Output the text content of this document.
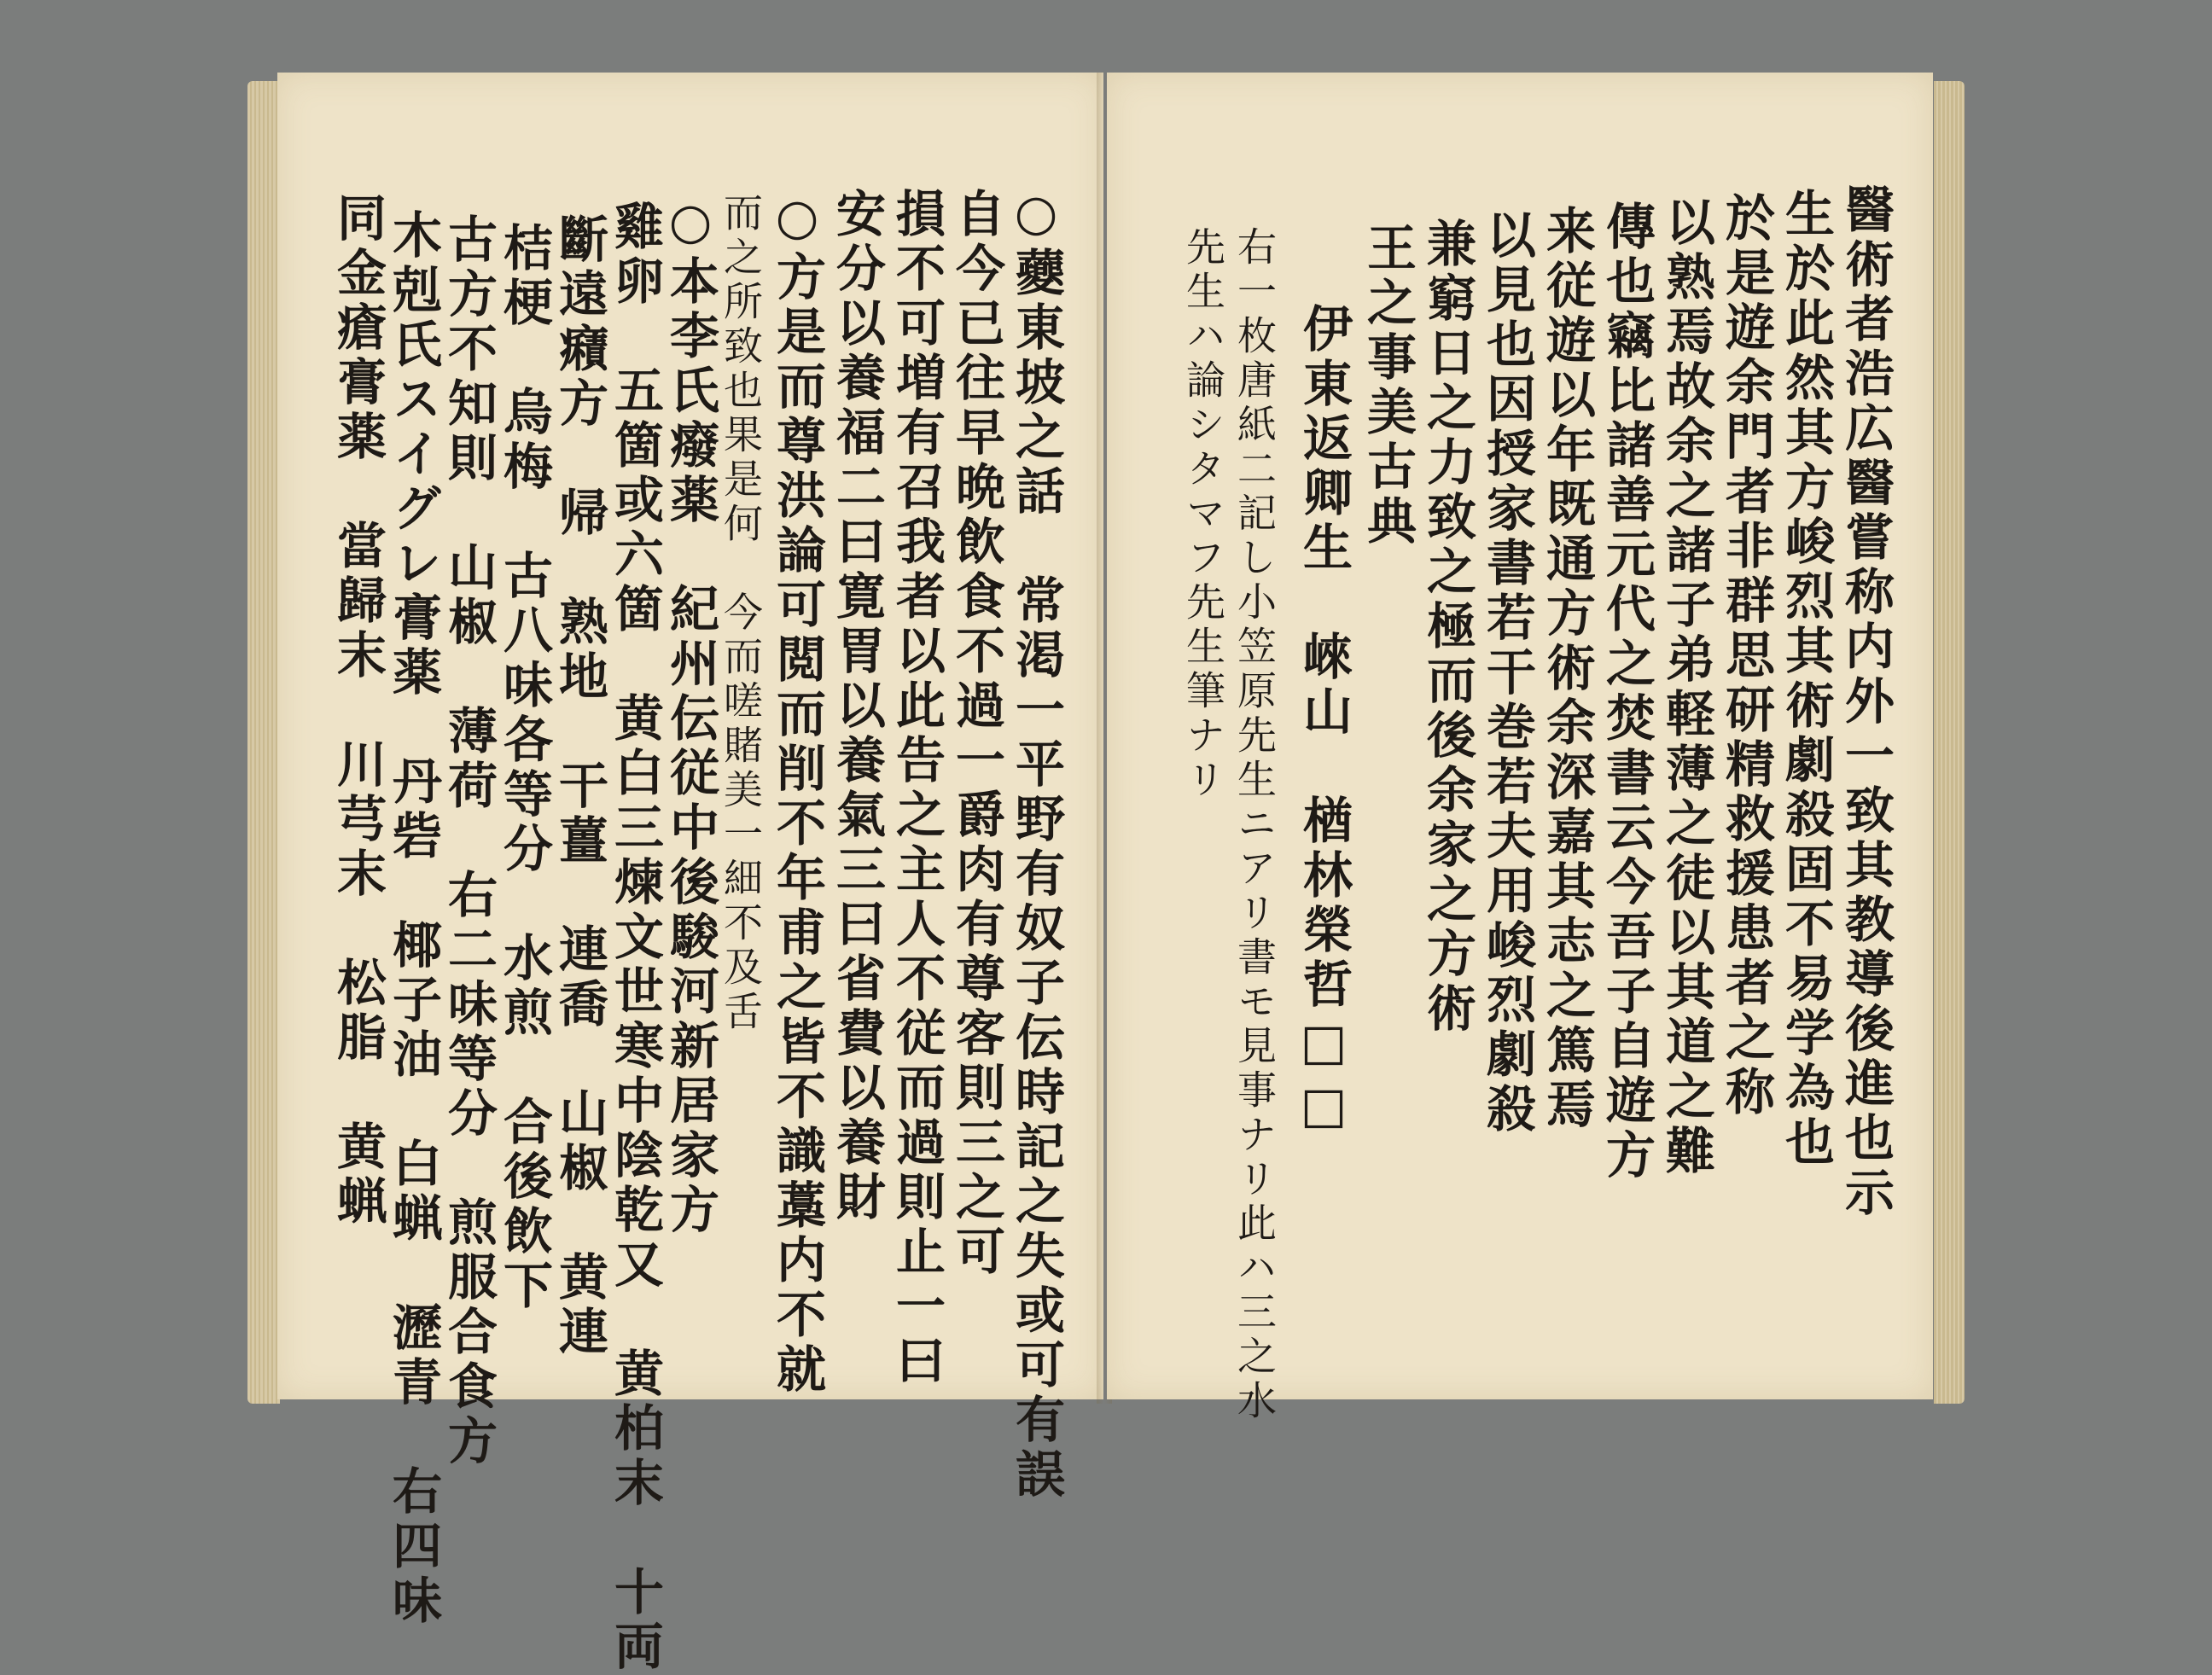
○蘷東坡之話　常渇一平野有奴子伝時記之失或可有誤
自今已往早晩飲食不過一爵肉有尊客則三之可
損不可増有召我者以此告之主人不従而過則止一曰
安分以養福二曰寛胃以養氣三曰省費以養財
○方是而尊洪論可閲而削不年甫之皆不識藁内不就
而之所致也果是何　今而嗟賭美一細不及舌
○本李氏癈薬　紀州伝従中後駿河新居家方
雞卵　五箇或六箇　黄白三煉文世寒中陰乾又　黄柏末　十両
斷遠癪方　帰　熟地　干薑　連喬　山椒　黄連
桔梗　烏梅　古八味各等分　水煎　合後飲下
古方不知則　山椒　薄荷　右二味等分　煎服合食方
木剋氏スイグレ膏薬　丹砦　椰子油　白蝋　瀝青　右四味
同金瘡膏薬　當歸末　川芎末　松脂　黄蝋	醫術者浩広醫嘗称内外一致其教導後進也示
生於此然其方峻烈其術劇殺固不易学為也
於是遊余門者非群思研精救援患者之称
以熟焉故余之諸子弟軽薄之徒以其道之難
傳也竊比諸善元代之焚書云今吾子自遊方
来従遊以年既通方術余深嘉其志之篤焉
以見也因授家書若干巻若夫用峻烈劇殺
兼窮日之力致之極而後余家之方術
王之事美古典
伊東返卿生　崍山　楢林榮哲□□
右一枚唐紙二記し小笠原先生ニアリ書モ見事ナリ此ハ三之水
先生ハ論シタマフ先生筆ナリ
